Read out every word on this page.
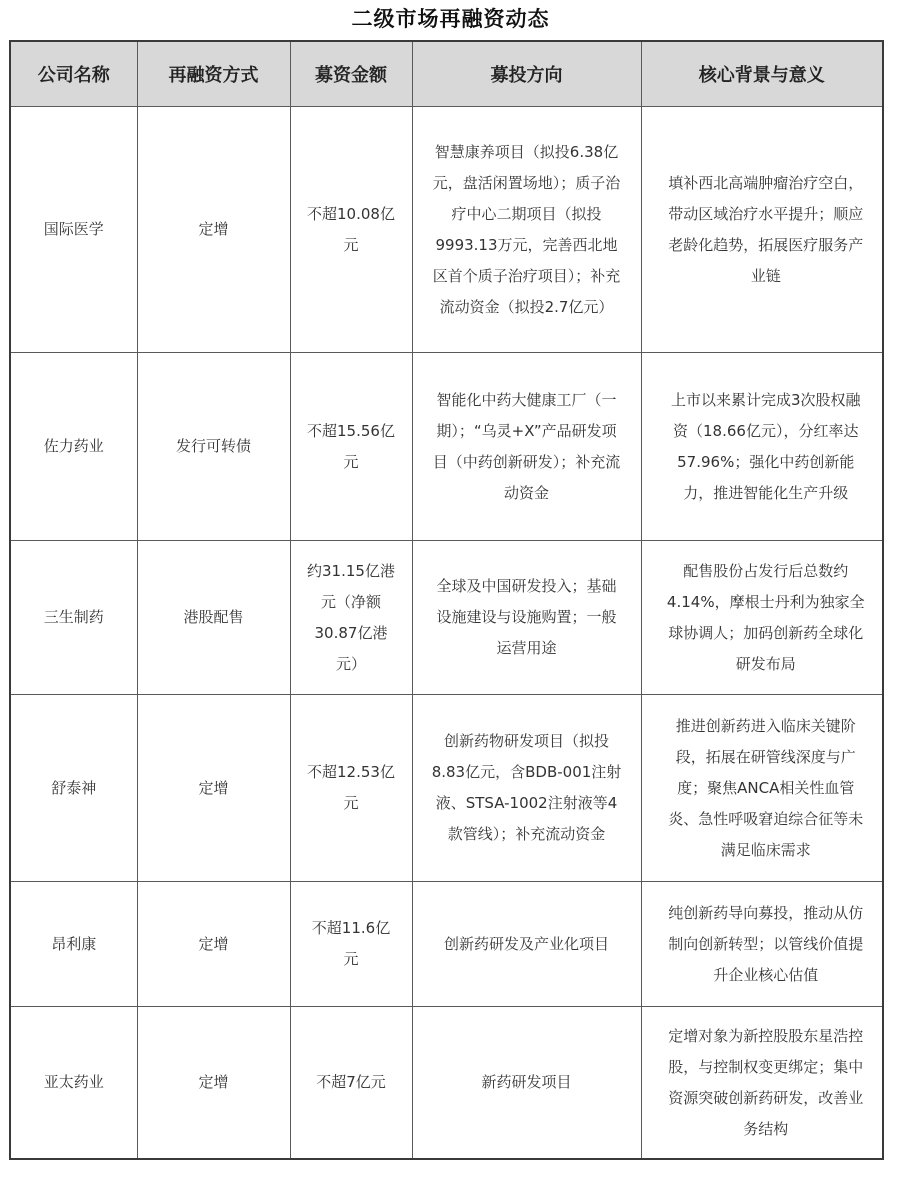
二级市场再融资动态
公司名称	再融资方式	募资金额	募投方向	核心背景与意义
国际医学	定增	不超10.08亿元	智慧康养项目（拟投6.38亿元，盘活闲置场地）；质子治疗中心二期项目（拟投9993.13万元，完善西北地区首个质子治疗项目）；补充流动资金（拟投2.7亿元）	填补西北高端肿瘤治疗空白，带动区域治疗水平提升；顺应老龄化趋势，拓展医疗服务产业链
佐力药业	发行可转债	不超15.56亿元	智能化中药大健康工厂（一期）；“乌灵+X”产品研发项目（中药创新研发）；补充流动资金	上市以来累计完成3次股权融资（18.66亿元），分红率达57.96%；强化中药创新能力，推进智能化生产升级
三生制药	港股配售	约31.15亿港元（净额30.87亿港元）	全球及中国研发投入；基础设施建设与设施购置；一般运营用途	配售股份占发行后总数约4.14%，摩根士丹利为独家全球协调人；加码创新药全球化研发布局
舒泰神	定增	不超12.53亿元	创新药物研发项目（拟投8.83亿元，含BDB-001注射液、STSA-1002注射液等4款管线）；补充流动资金	推进创新药进入临床关键阶段，拓展在研管线深度与广度；聚焦ANCA相关性血管炎、急性呼吸窘迫综合征等未满足临床需求
昂利康	定增	不超11.6亿元	创新药研发及产业化项目	纯创新药导向募投，推动从仿制向创新转型；以管线价值提升企业核心估值
亚太药业	定增	不超7亿元	新药研发项目	定增对象为新控股股东星浩控股，与控制权变更绑定；集中资源突破创新药研发，改善业务结构
